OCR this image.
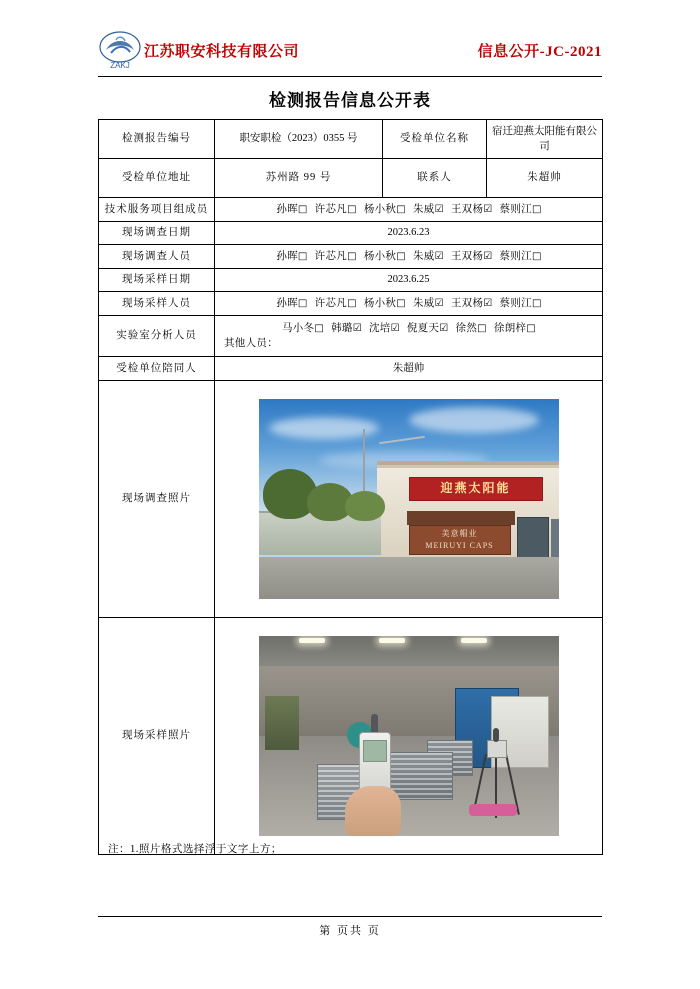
ZAKJ
江苏职安科技有限公司	信息公开-JC-2021
检测报告信息公开表
检测报告编号	职安职检（2023）0355 号	受检单位名称	宿迁迎燕太阳能有限公司
受检单位地址	苏州路 99 号	联系人	朱超帅
技术服务项目组成员	孙晖□ 许芯凡□ 杨小秋□ 朱威☑ 王双杨☑ 蔡则江□		
现场调查日期	2023.6.23		
现场调查人员	孙晖□ 许芯凡□ 杨小秋□ 朱威☑ 王双杨☑ 蔡则江□		
现场采样日期	2023.6.25		
现场采样人员	孙晖□ 许芯凡□ 杨小秋□ 朱威☑ 王双杨☑ 蔡则江□		
实验室分析人员	马小冬□ 韩璐☑ 沈培☑ 倪夏天☑ 徐然□ 徐朗梓□
其他人员：		

受检单位陪同人	朱超帅		
现场调查照片	迎燕太阳能
美意帽业
MEIRUYI CAPS		

现场采样照片			
注：1.照片格式选择浮于文字上方；
第 页共 页
